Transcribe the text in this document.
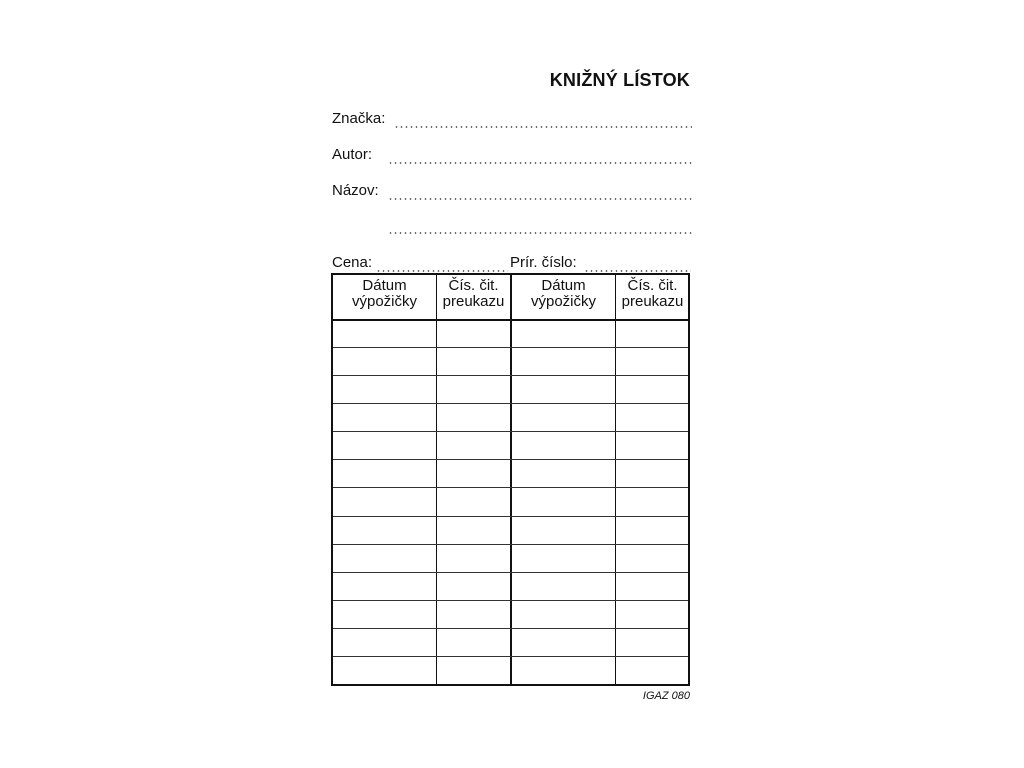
KNIŽNÝ LÍSTOK
Značka:
Autor:
Názov:
Cena:	Prír. číslo:
Dátum
výpožičky
Čís. čit.
preukazu
Dátum
výpožičky
Čís. čit.
preukazu
IGAZ 080
